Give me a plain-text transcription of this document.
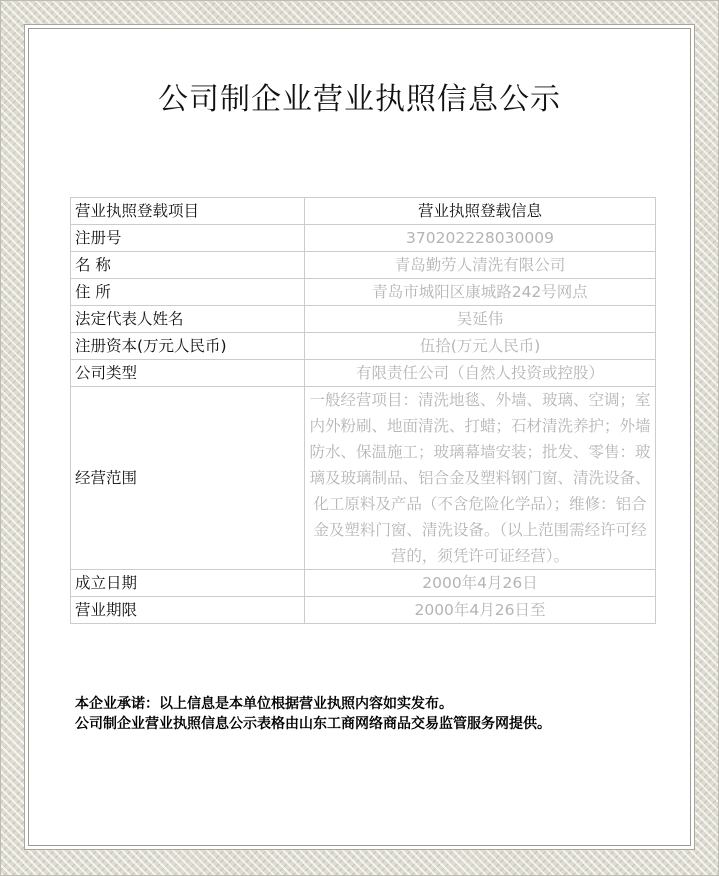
公司制企业营业执照信息公示
营业执照登载项目	营业执照登载信息
注册号	370202228030009
名 称	青岛勤劳人清洗有限公司
住 所	青岛市城阳区康城路242号网点
法定代表人姓名	吴延伟
注册资本(万元人民币)	伍拾(万元人民币)
公司类型	有限责任公司（自然人投资或控股）
经营范围	一般经营项目：清洗地毯、外墙、玻璃、空调；室内外粉刷、地面清洗、打蜡；石材清洗养护；外墙防水、保温施工；玻璃幕墙安装；批发、零售：玻璃及玻璃制品、铝合金及塑料钢门窗、清洗设备、化工原料及产品（不含危险化学品）；维修：铝合金及塑料门窗、清洗设备。（以上范围需经许可经营的，须凭许可证经营）。
成立日期	2000年4月26日
营业期限	2000年4月26日至
本企业承诺：以上信息是本单位根据营业执照内容如实发布。
公司制企业营业执照信息公示表格由山东工商网络商品交易监管服务网提供。
